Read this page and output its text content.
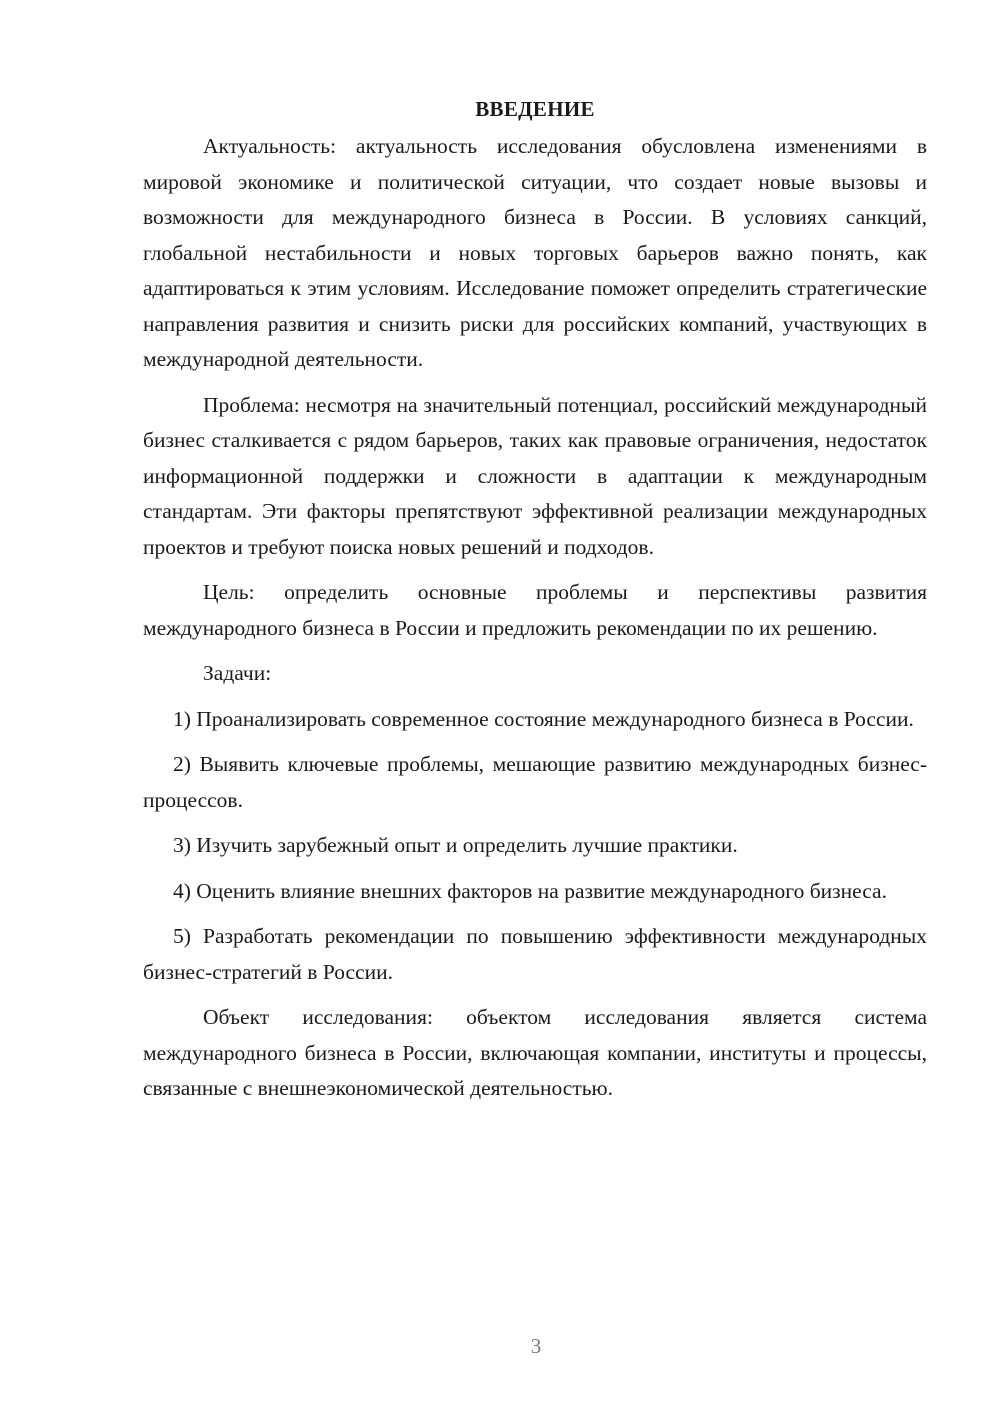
ВВЕДЕНИЕ

Актуальность: актуальность исследования обусловлена изменениями в мировой экономике и политической ситуации, что создает новые вызовы и возможности для международного бизнеса в России. В условиях санкций, глобальной нестабильности и новых торговых барьеров важно понять, как адаптироваться к этим условиям. Исследование поможет определить стратегические направления развития и снизить риски для российских компаний, участвующих в международной деятельности.

Проблема: несмотря на значительный потенциал, российский международный бизнес сталкивается с рядом барьеров, таких как правовые ограничения, недостаток информационной поддержки и сложности в адаптации к международным стандартам. Эти факторы препятствуют эффективной реализации международных проектов и требуют поиска новых решений и подходов.

Цель: определить основные проблемы и перспективы развития международного бизнеса в России и предложить рекомендации по их решению.

Задачи:

1) Проанализировать современное состояние международного бизнеса в России.

2) Выявить ключевые проблемы, мешающие развитию международных бизнес-процессов.

3) Изучить зарубежный опыт и определить лучшие практики.

4) Оценить влияние внешних факторов на развитие международного бизнеса.

5) Разработать рекомендации по повышению эффективности международных бизнес-стратегий в России.

Объект исследования: объектом исследования является система международного бизнеса в России, включающая компании, институты и процессы, связанные с внешнеэкономической деятельностью.

3
